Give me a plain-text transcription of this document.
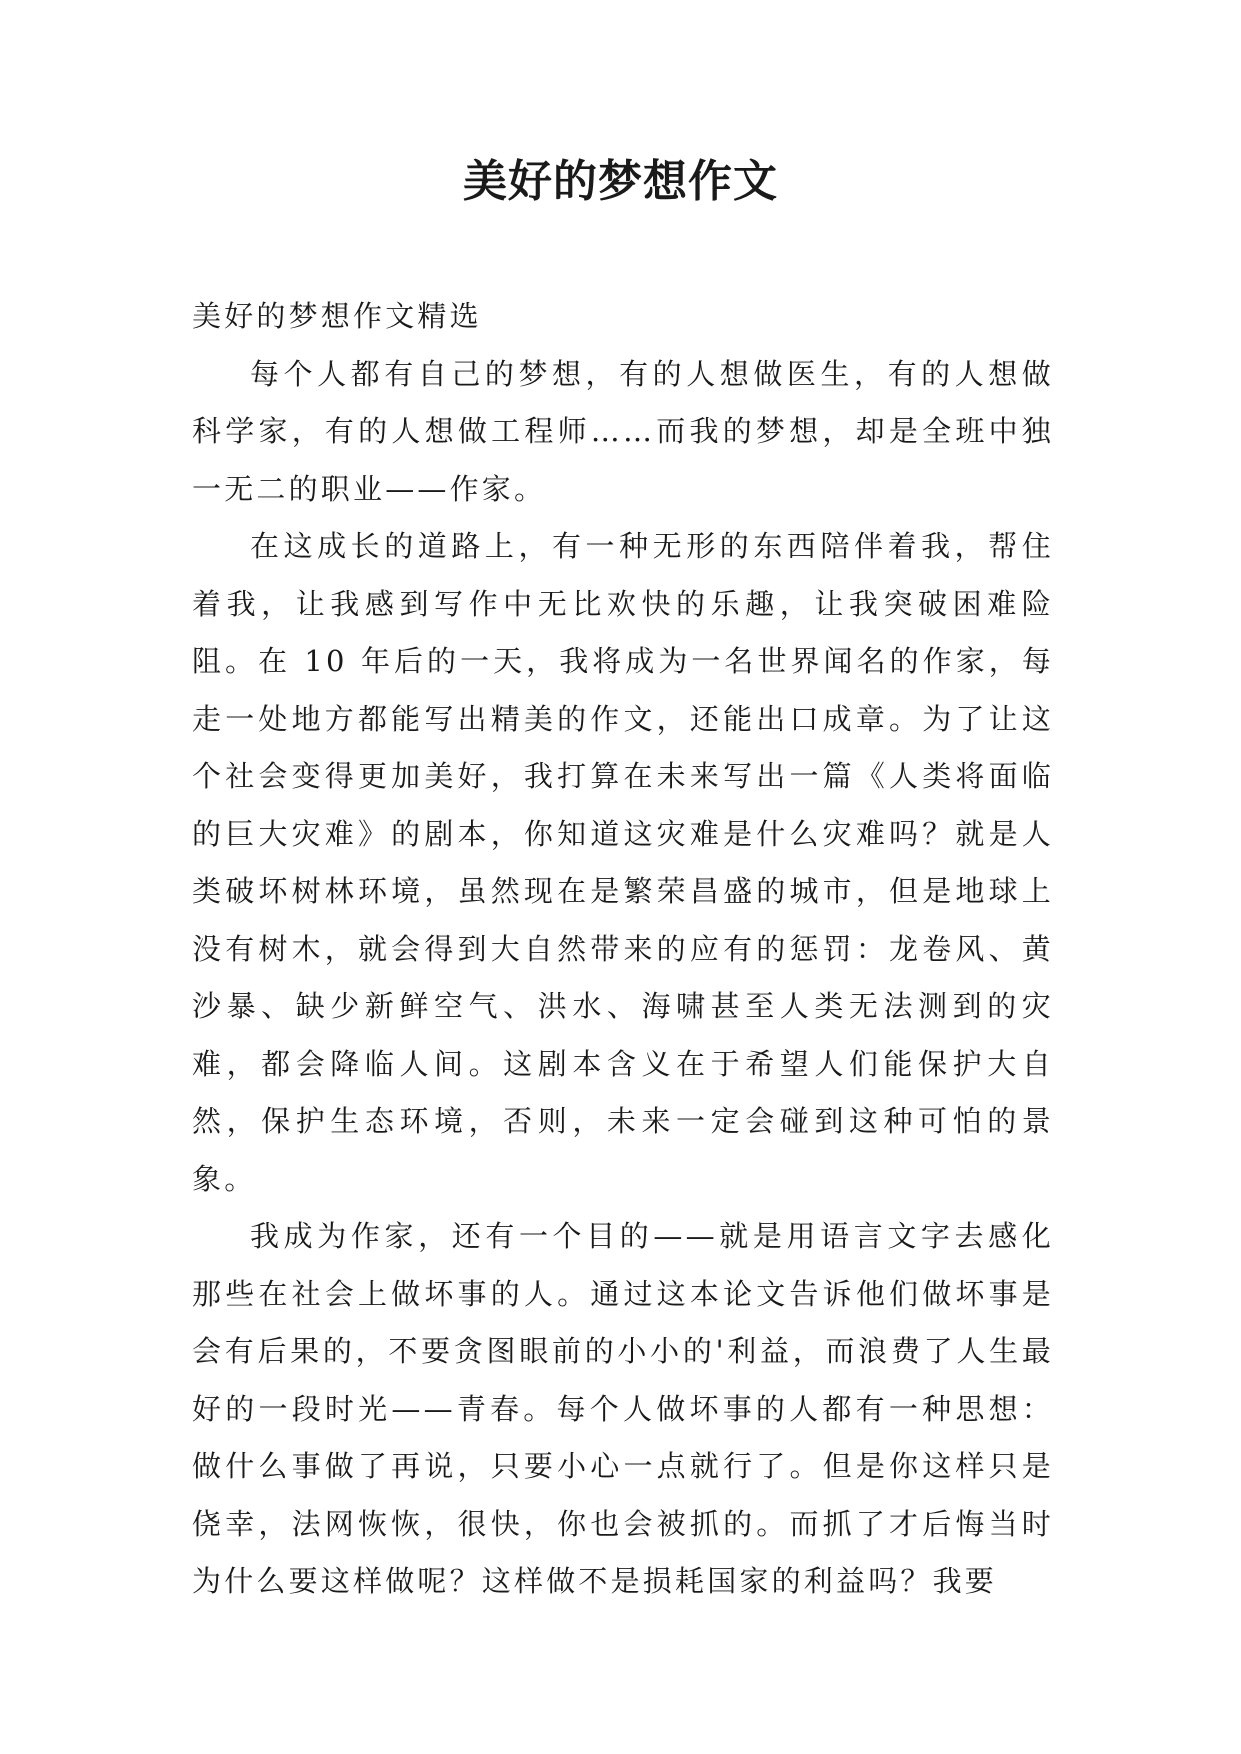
美好的梦想作文

美好的梦想作文精选

每个人都有自己的梦想，有的人想做医生，有的人想做科学家，有的人想做工程师……而我的梦想，却是全班中独一无二的职业——作家。

在这成长的道路上，有一种无形的东西陪伴着我，帮住着我，让我感到写作中无比欢快的乐趣，让我突破困难险阻。在 10 年后的一天，我将成为一名世界闻名的作家，每走一处地方都能写出精美的作文，还能出口成章。为了让这个社会变得更加美好，我打算在未来写出一篇《人类将面临的巨大灾难》的剧本，你知道这灾难是什么灾难吗？就是人类破坏树林环境，虽然现在是繁荣昌盛的城市，但是地球上没有树木，就会得到大自然带来的应有的惩罚：龙卷风、黄沙暴、缺少新鲜空气、洪水、海啸甚至人类无法测到的灾难，都会降临人间。这剧本含义在于希望人们能保护大自然，保护生态环境，否则，未来一定会碰到这种可怕的景象。

我成为作家，还有一个目的——就是用语言文字去感化那些在社会上做坏事的人。通过这本论文告诉他们做坏事是会有后果的，不要贪图眼前的小小的'利益，而浪费了人生最好的一段时光——青春。每个人做坏事的人都有一种思想：做什么事做了再说，只要小心一点就行了。但是你这样只是侥幸，法网恢恢，很快，你也会被抓的。而抓了才后悔当时为什么要这样做呢？这样做不是损耗国家的利益吗？我要
